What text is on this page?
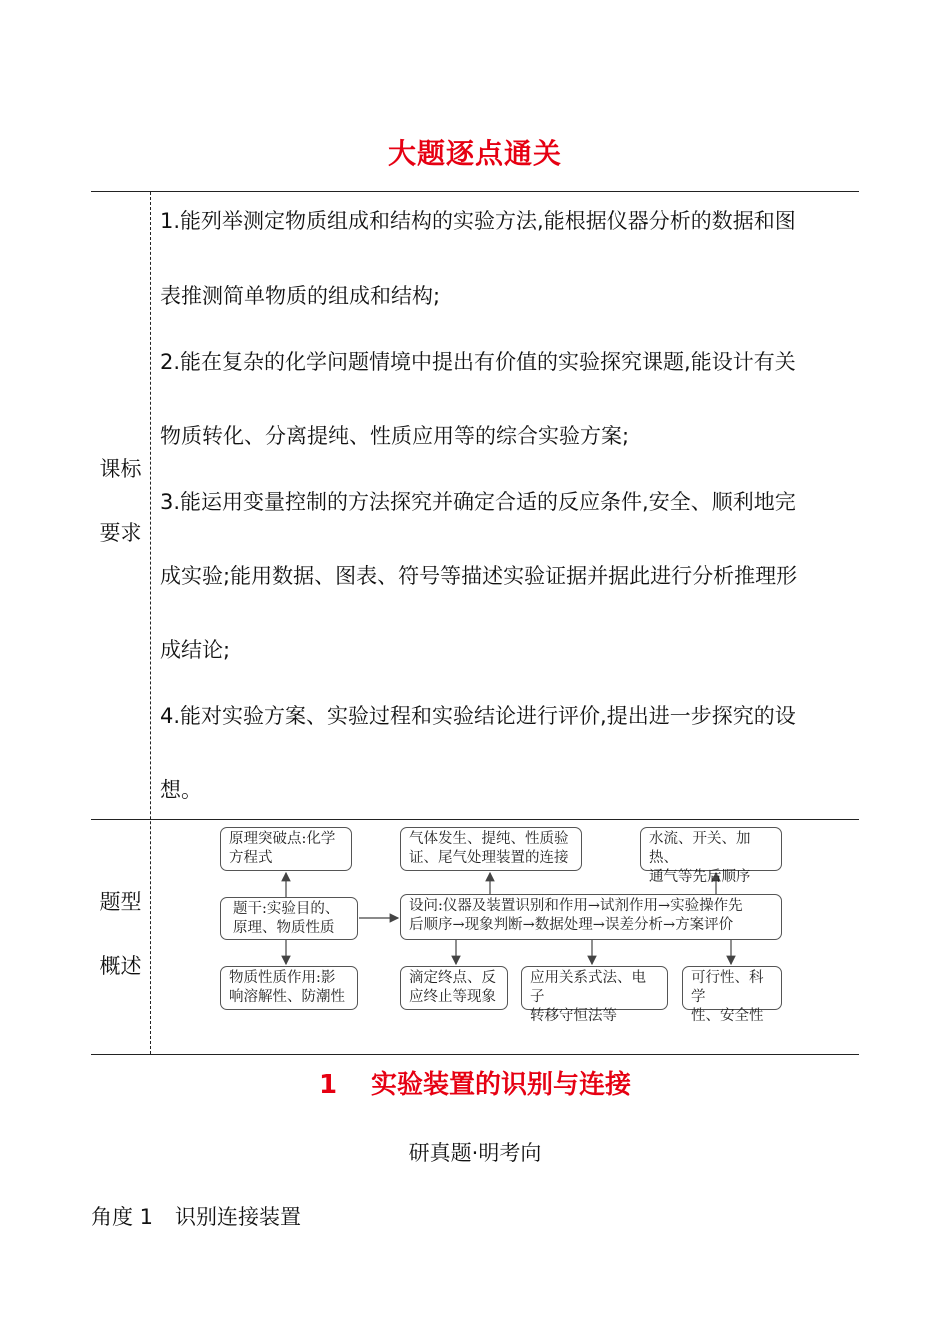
大题逐点通关
课标
要求
1.能列举测定物质组成和结构的实验方法,能根据仪器分析的数据和图
表推测简单物质的组成和结构;
2.能在复杂的化学问题情境中提出有价值的实验探究课题,能设计有关
物质转化、分离提纯、性质应用等的综合实验方案;
3.能运用变量控制的方法探究并确定合适的反应条件,安全、顺利地完
成实验;能用数据、图表、符号等描述实验证据并据此进行分析推理形
成结论;
4.能对实验方案、实验过程和实验结论进行评价,提出进一步探究的设
想。
题型
概述
原理突破点:化学
方程式
气体发生、提纯、性质验
证、尾气处理装置的连接
水流、开关、加热、
通气等先后顺序
题干:实验目的、
原理、物质性质
设问:仪器及装置识别和作用→试剂作用→实验操作先
后顺序→现象判断→数据处理→误差分析→方案评价
物质性质作用:影
响溶解性、防潮性
滴定终点、反
应终止等现象
应用关系式法、电子
转移守恒法等
可行性、科学
性、安全性
1 实验装置的识别与连接
研真题·明考向
角度 1 识别连接装置
